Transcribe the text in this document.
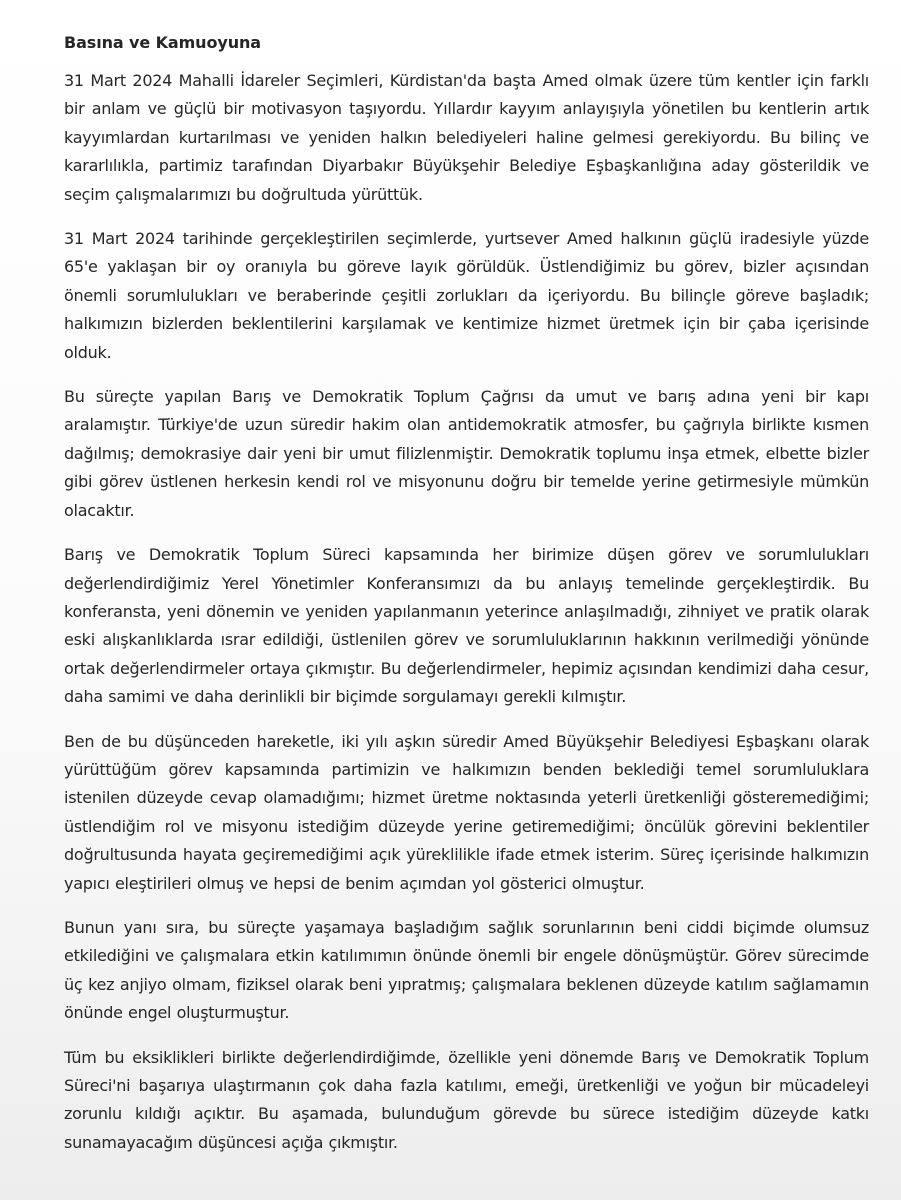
Basına ve Kamuoyuna

31 Mart 2024 Mahalli İdareler Seçimleri, Kürdistan'da başta Amed olmak üzere tüm kentler için farklı bir anlam ve güçlü bir motivasyon taşıyordu. Yıllardır kayyım anlayışıyla yönetilen bu kentlerin artık kayyımlardan kurtarılması ve yeniden halkın belediyeleri haline gelmesi gerekiyordu. Bu bilinç ve kararlılıkla, partimiz tarafından Diyarbakır Büyükşehir Belediye Eşbaşkanlığına aday gösterildik ve seçim çalışmalarımızı bu doğrultuda yürüttük.

31 Mart 2024 tarihinde gerçekleştirilen seçimlerde, yurtsever Amed halkının güçlü iradesiyle yüzde 65'e yaklaşan bir oy oranıyla bu göreve layık görüldük. Üstlendiğimiz bu görev, bizler açısından önemli sorumlulukları ve beraberinde çeşitli zorlukları da içeriyordu. Bu bilinçle göreve başladık; halkımızın bizlerden beklentilerini karşılamak ve kentimize hizmet üretmek için bir çaba içerisinde olduk.

Bu süreçte yapılan Barış ve Demokratik Toplum Çağrısı da umut ve barış adına yeni bir kapı aralamıştır. Türkiye'de uzun süredir hakim olan antidemokratik atmosfer, bu çağrıyla birlikte kısmen dağılmış; demokrasiye dair yeni bir umut filizlenmiştir. Demokratik toplumu inşa etmek, elbette bizler gibi görev üstlenen herkesin kendi rol ve misyonunu doğru bir temelde yerine getirmesiyle mümkün olacaktır.

Barış ve Demokratik Toplum Süreci kapsamında her birimize düşen görev ve sorumlulukları değerlendirdiğimiz Yerel Yönetimler Konferansımızı da bu anlayış temelinde gerçekleştirdik. Bu konferansta, yeni dönemin ve yeniden yapılanmanın yeterince anlaşılmadığı, zihniyet ve pratik olarak eski alışkanlıklarda ısrar edildiği, üstlenilen görev ve sorumluluklarının hakkının verilmediği yönünde ortak değerlendirmeler ortaya çıkmıştır. Bu değerlendirmeler, hepimiz açısından kendimizi daha cesur, daha samimi ve daha derinlikli bir biçimde sorgulamayı gerekli kılmıştır.

Ben de bu düşünceden hareketle, iki yılı aşkın süredir Amed Büyükşehir Belediyesi Eşbaşkanı olarak yürüttüğüm görev kapsamında partimizin ve halkımızın benden beklediği temel sorumluluklara istenilen düzeyde cevap olamadığımı; hizmet üretme noktasında yeterli üretkenliği gösteremediğimi; üstlendiğim rol ve misyonu istediğim düzeyde yerine getiremediğimi; öncülük görevini beklentiler doğrultusunda hayata geçiremediğimi açık yüreklilikle ifade etmek isterim. Süreç içerisinde halkımızın yapıcı eleştirileri olmuş ve hepsi de benim açımdan yol gösterici olmuştur.

Bunun yanı sıra, bu süreçte yaşamaya başladığım sağlık sorunlarının beni ciddi biçimde olumsuz etkilediğini ve çalışmalara etkin katılımımın önünde önemli bir engele dönüşmüştür. Görev sürecimde üç kez anjiyo olmam, fiziksel olarak beni yıpratmış; çalışmalara beklenen düzeyde katılım sağlamamın önünde engel oluşturmuştur.

Tüm bu eksiklikleri birlikte değerlendirdiğimde, özellikle yeni dönemde Barış ve Demokratik Toplum Süreci'ni başarıya ulaştırmanın çok daha fazla katılımı, emeği, üretkenliği ve yoğun bir mücadeleyi zorunlu kıldığı açıktır. Bu aşamada, bulunduğum görevde bu sürece istediğim düzeyde katkı sunamayacağım düşüncesi açığa çıkmıştır.
